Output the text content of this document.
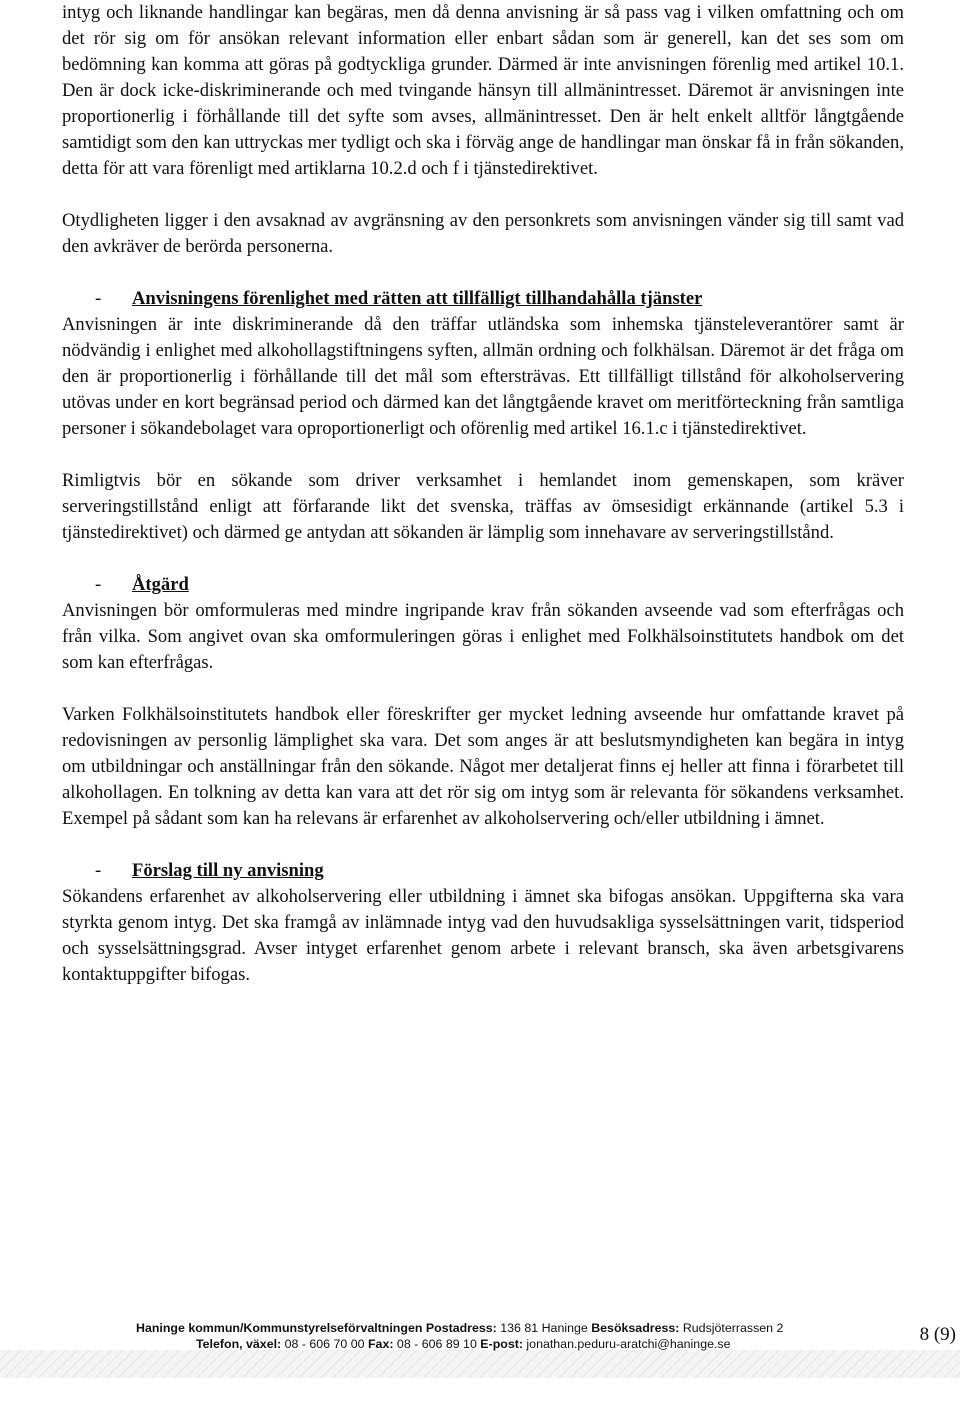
intyg och liknande handlingar kan begäras, men då denna anvisning är så pass vag i vilken omfattning och om det rör sig om för ansökan relevant information eller enbart sådan som är generell, kan det ses som om bedömning kan komma att göras på godtyckliga grunder. Därmed är inte anvisningen förenlig med artikel 10.1. Den är dock icke-diskriminerande och med tvingande hänsyn till allmänintresset. Däremot är anvisningen inte proportionerlig i förhållande till det syfte som avses, allmänintresset. Den är helt enkelt alltför långtgående samtidigt som den kan uttryckas mer tydligt och ska i förväg ange de handlingar man önskar få in från sökanden, detta för att vara förenligt med artiklarna 10.2.d och f i tjänstedirektivet.

Otydligheten ligger i den avsaknad av avgränsning av den personkrets som anvisningen vänder sig till samt vad den avkräver de berörda personerna.

-	Anvisningens förenlighet med rätten att tillfälligt tillhandahålla tjänster

Anvisningen är inte diskriminerande då den träffar utländska som inhemska tjänsteleverantörer samt är nödvändig i enlighet med alkohollagstiftningens syften, allmän ordning och folkhälsan. Däremot är det fråga om den är proportionerlig i förhållande till det mål som eftersträvas. Ett tillfälligt tillstånd för alkoholservering utövas under en kort begränsad period och därmed kan det långtgående kravet om meritförteckning från samtliga personer i sökandebolaget vara oproportionerligt och oförenlig med artikel 16.1.c i tjänstedirektivet.

Rimligtvis bör en sökande som driver verksamhet i hemlandet inom gemenskapen, som kräver serveringstillstånd enligt att förfarande likt det svenska, träffas av ömsesidigt erkännande (artikel 5.3 i tjänstedirektivet) och därmed ge antydan att sökanden är lämplig som innehavare av serveringstillstånd.

-	Åtgärd

Anvisningen bör omformuleras med mindre ingripande krav från sökanden avseende vad som efterfrågas och från vilka. Som angivet ovan ska omformuleringen göras i enlighet med Folkhälsoinstitutets handbok om det som kan efterfrågas.

Varken Folkhälsoinstitutets handbok eller föreskrifter ger mycket ledning avseende hur omfattande kravet på redovisningen av personlig lämplighet ska vara. Det som anges är att beslutsmyndigheten kan begära in intyg om utbildningar och anställningar från den sökande. Något mer detaljerat finns ej heller att finna i förarbetet till alkohollagen. En tolkning av detta kan vara att det rör sig om intyg som är relevanta för sökandens verksamhet. Exempel på sådant som kan ha relevans är erfarenhet av alkoholservering och/eller utbildning i ämnet.

-	Förslag till ny anvisning

Sökandens erfarenhet av alkoholservering eller utbildning i ämnet ska bifogas ansökan. Uppgifterna ska vara styrkta genom intyg. Det ska framgå av inlämnade intyg vad den huvudsakliga sysselsättningen varit, tidsperiod och sysselsättningsgrad. Avser intyget erfarenhet genom arbete i relevant bransch, ska även arbetsgivarens kontaktuppgifter bifogas.

Haninge kommun/Kommunstyrelseförvaltningen Postadress: 136 81 Haninge Besöksadress: Rudsjöterrassen 2
Telefon, växel: 08 - 606 70 00 Fax: 08 - 606 89 10 E-post: jonathan.peduru-aratchi@haninge.se	8 (9)
